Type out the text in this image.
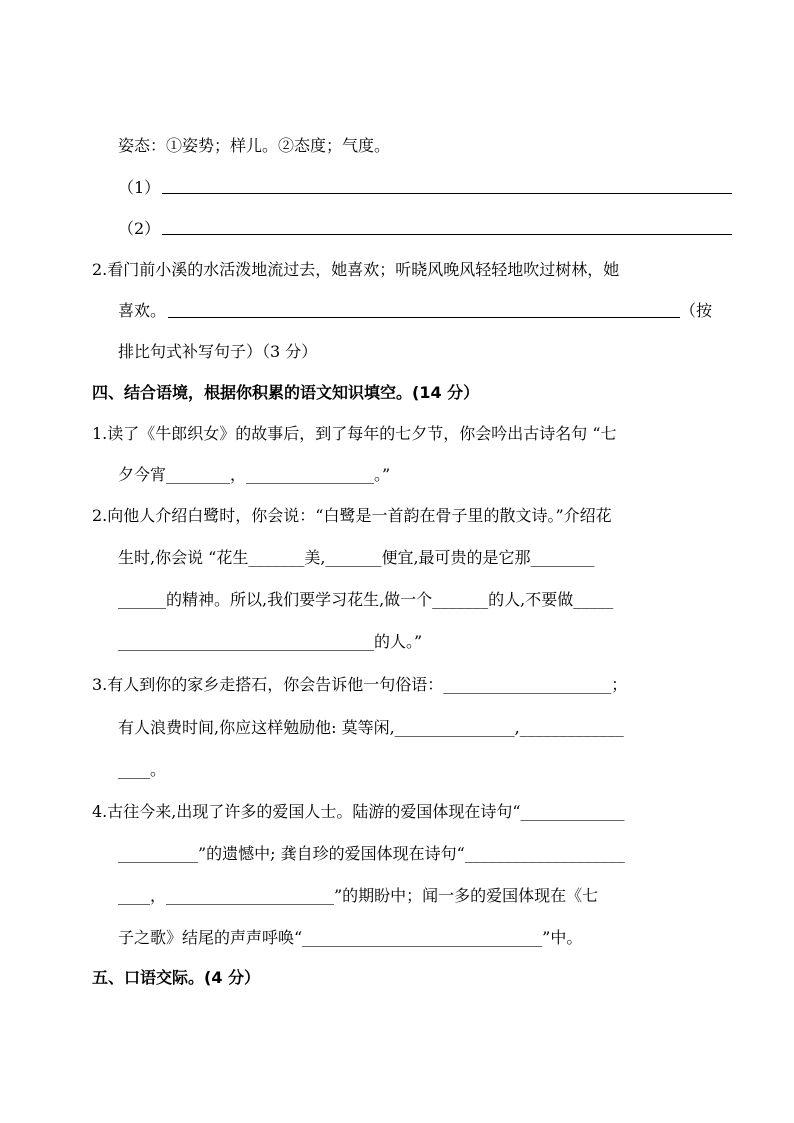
姿态：①姿势；样儿。②态度；气度。
（1）
（2）
2.看门前小溪的水活泼地流过去，她喜欢；听晓风晚风轻轻地吹过树林，她
喜欢。	（按
排比句式补写句子）（3 分）
四、结合语境，根据你积累的语文知识填空。(14 分）
1.读了《牛郎织女》的故事后，到了每年的七夕节，你会吟出古诗名句 “七
夕今宵________，________________。”
2.向他人介绍白鹭时，你会说：“白鹭是一首韵在骨子里的散文诗。”介绍花
生时,你会说 “花生_______美,_______便宜,最可贵的是它那________
______的精神。所以,我们要学习花生,做一个_______的人,不要做_____
________________________________的人。”
3.有人到你的家乡走搭石，你会告诉他一句俗语：_____________________；
有人浪费时间,你应这样勉励他: 莫等闲,_______________,_____________
____。
4.古往今来,出现了许多的爱国人士。陆游的爱国体现在诗句“_____________
__________”的遗憾中; 龚自珍的爱国体现在诗句“____________________
____，_____________________”的期盼中；闻一多的爱国体现在《七
子之歌》结尾的声声呼唤“______________________________”中。
五、口语交际。(4 分）
